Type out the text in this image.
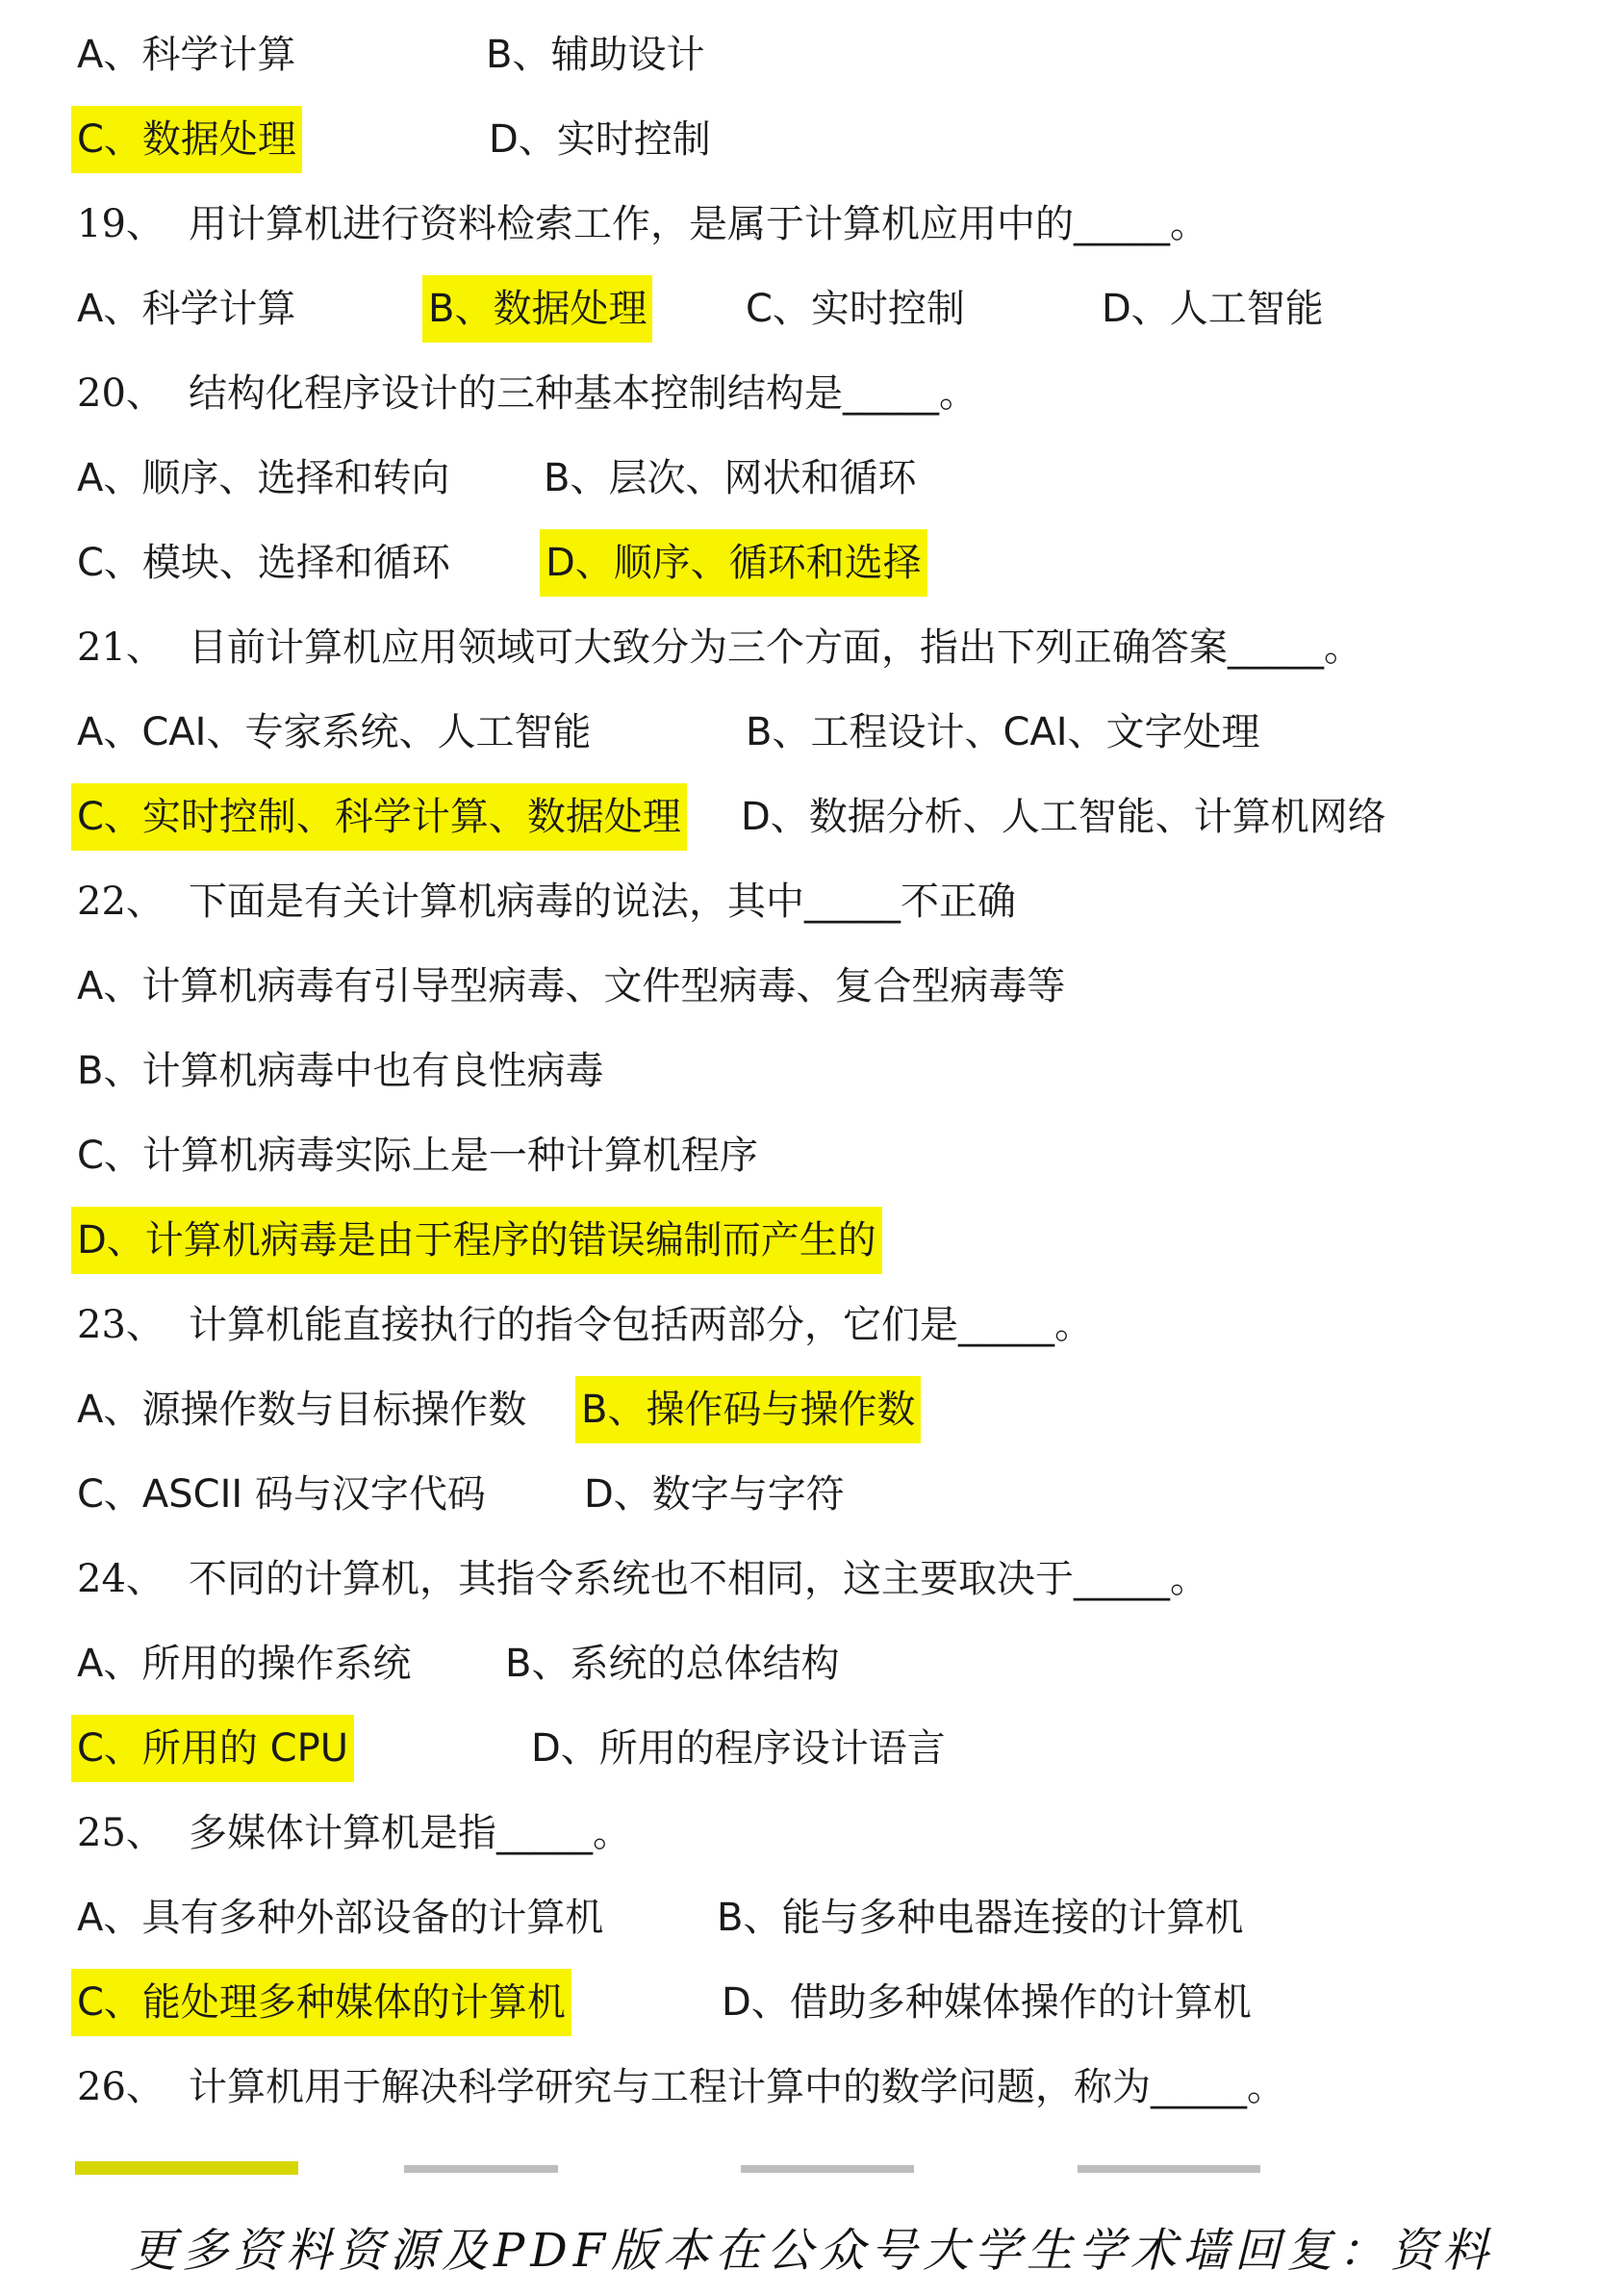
A、科学计算	B、辅助设计
C、数据处理	D、实时控制
19、 用计算机进行资料检索工作，是属于计算机应用中的_____。
A、科学计算	B、数据处理	C、实时控制	D、人工智能
20、 结构化程序设计的三种基本控制结构是_____。
A、顺序、选择和转向 B、层次、网状和循环
C、模块、选择和循环 D、顺序、循环和选择
21、 目前计算机应用领域可大致分为三个方面，指出下列正确答案_____。
A、CAI、专家系统、人工智能	B、工程设计、CAI、文字处理
C、实时控制、科学计算、数据处理 D、数据分析、人工智能、计算机网络
22、 下面是有关计算机病毒的说法，其中_____不正确
A、计算机病毒有引导型病毒、文件型病毒、复合型病毒等
B、计算机病毒中也有良性病毒
C、计算机病毒实际上是一种计算机程序
D、计算机病毒是由于程序的错误编制而产生的
23、 计算机能直接执行的指令包括两部分，它们是_____。
A、源操作数与目标操作数 B、操作码与操作数
C、ASCII 码与汉字代码	D、数字与字符
24、 不同的计算机，其指令系统也不相同，这主要取决于_____。
A、所用的操作系统 B、系统的总体结构
C、所用的 CPU	D、所用的程序设计语言
25、 多媒体计算机是指_____。
A、具有多种外部设备的计算机	B、能与多种电器连接的计算机
C、能处理多种媒体的计算机	D、借助多种媒体操作的计算机
26、 计算机用于解决科学研究与工程计算中的数学问题，称为_____。
更多资料资源及PDF版本在公众号大学生学术墙回复：资料
